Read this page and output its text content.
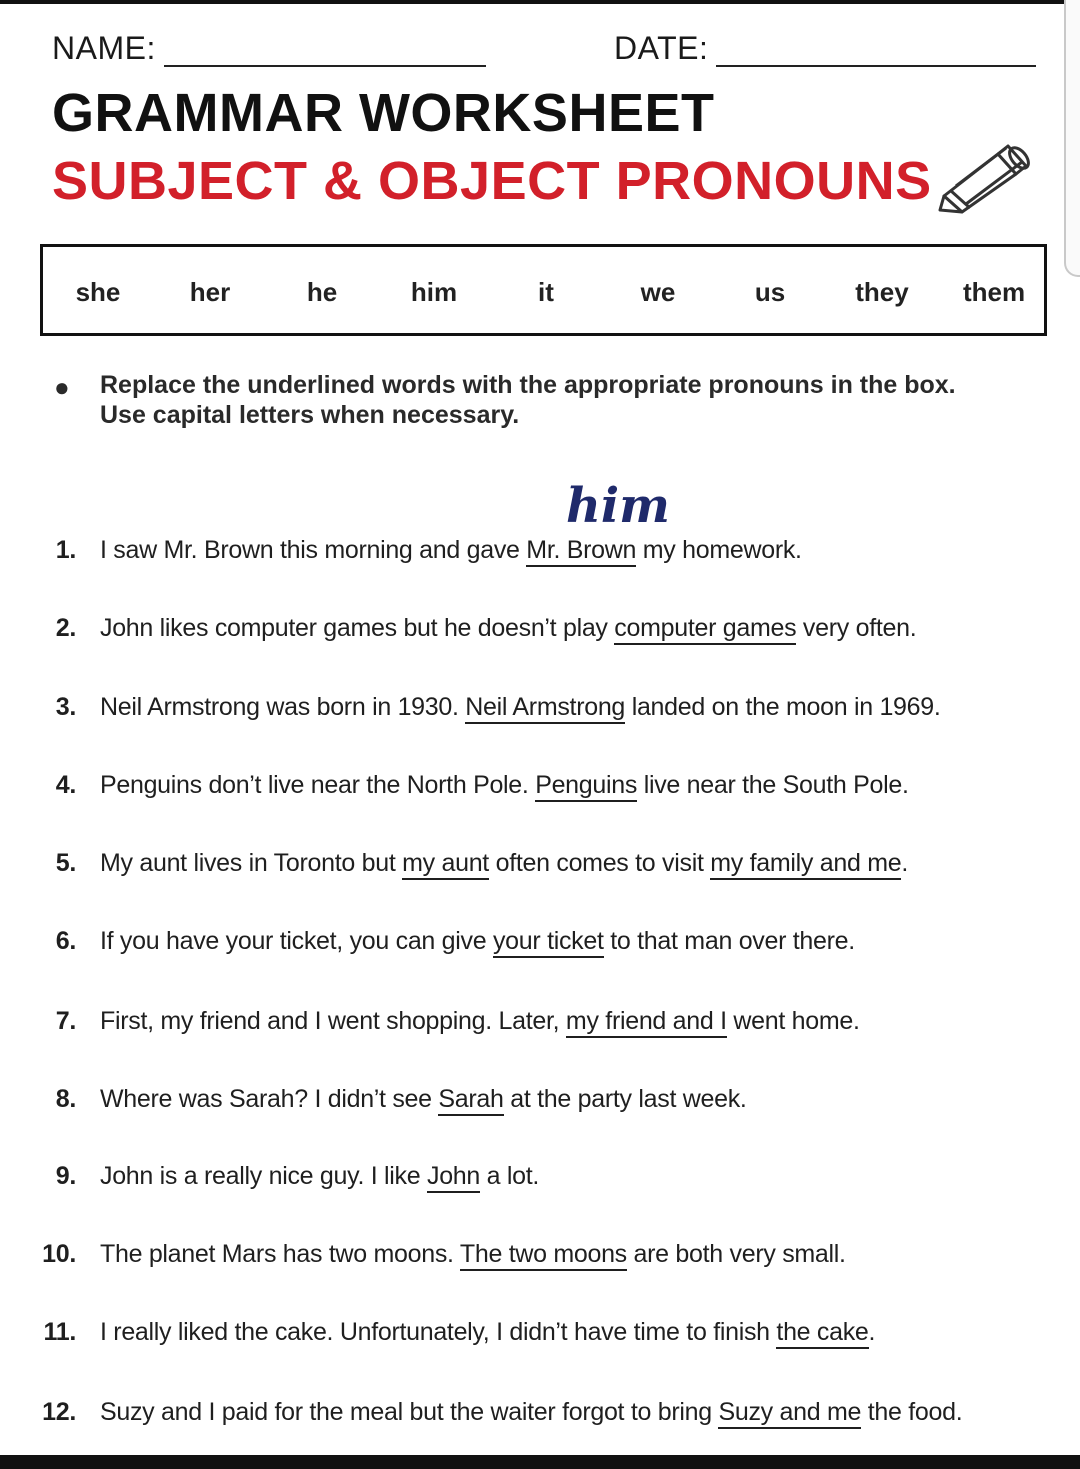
NAME:	DATE:
GRAMMAR WORKSHEET
SUBJECT & OBJECT PRONOUNS
she	her	he	him	it	we	us	they	them
● Replace the underlined words with the appropriate pronouns in the box.
Use capital letters when necessary.
him
1. I saw Mr. Brown this morning and gave Mr. Brown my homework.
2. John likes computer games but he doesn’t play computer games very often.
3. Neil Armstrong was born in 1930. Neil Armstrong landed on the moon in 1969.
4. Penguins don’t live near the North Pole. Penguins live near the South Pole.
5. My aunt lives in Toronto but my aunt often comes to visit my family and me.
6. If you have your ticket, you can give your ticket to that man over there.
7. First, my friend and I went shopping. Later, my friend and I went home.
8. Where was Sarah? I didn’t see Sarah at the party last week.
9. John is a really nice guy. I like John a lot.
10. The planet Mars has two moons. The two moons are both very small.
11. I really liked the cake. Unfortunately, I didn’t have time to finish the cake.
12. Suzy and I paid for the meal but the waiter forgot to bring Suzy and me the food.
